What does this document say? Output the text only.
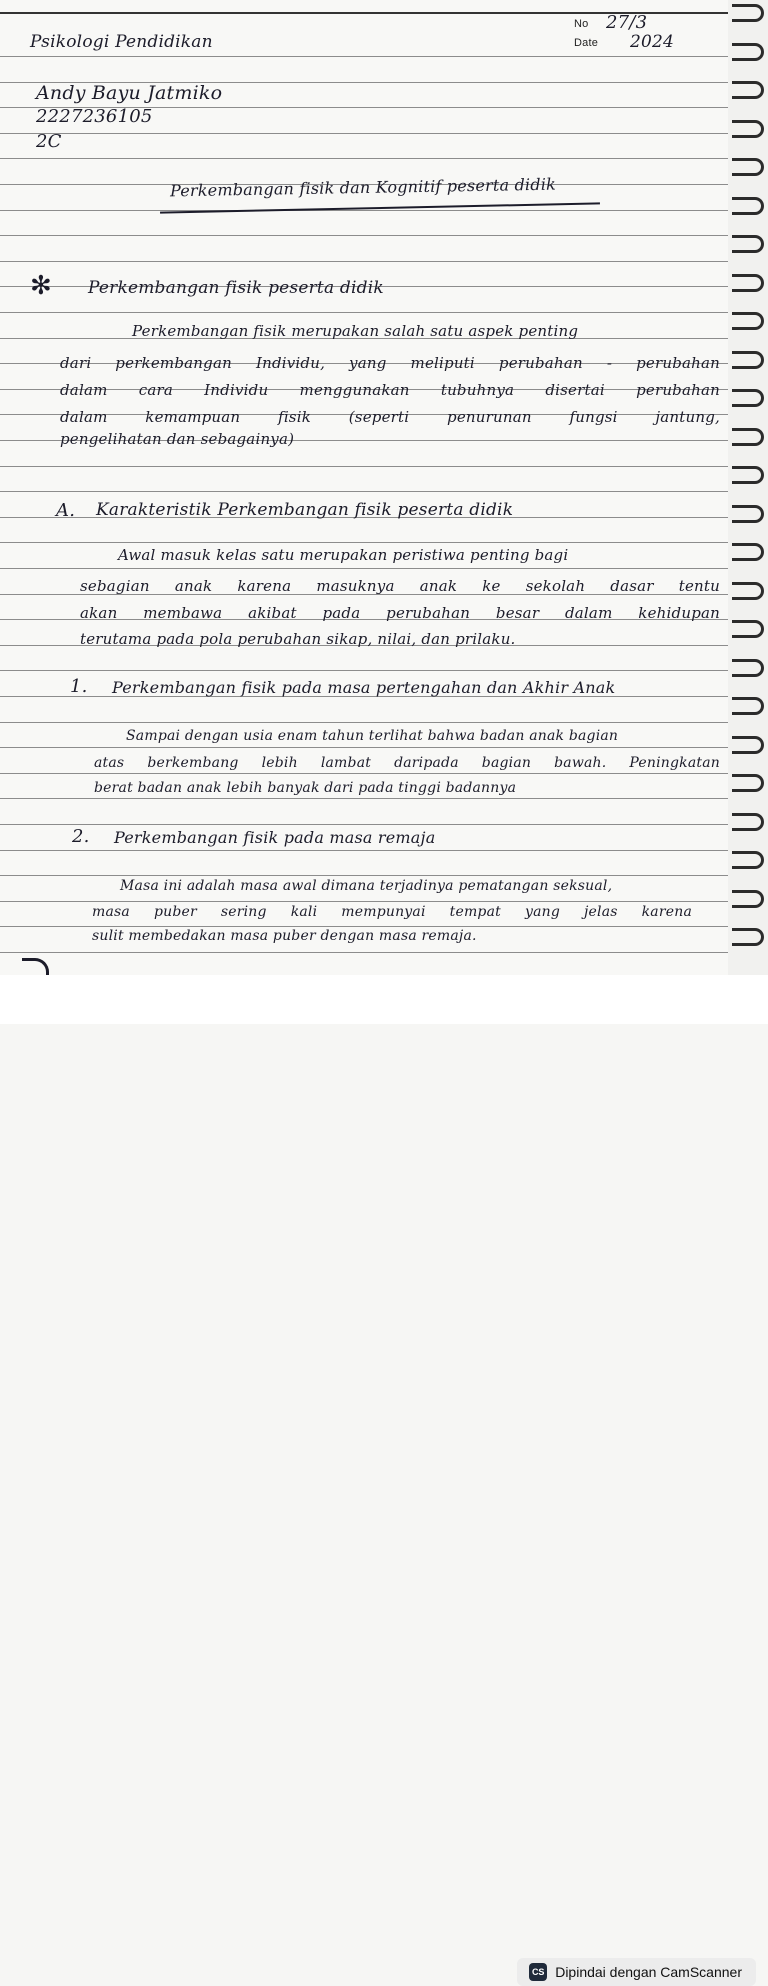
Psikologi Pendidikan
No 27/3
Date 2024
Andy Bayu Jatmiko
2227236105
2C
Perkembangan fisik dan Kognitif peserta didik
✻ Perkembangan fisik peserta didik
Perkembangan fisik merupakan salah satu aspek penting
dari perkembangan Individu, yang meliputi perubahan - perubahan
dalam cara Individu menggunakan tubuhnya disertai perubahan
dalam kemampuan fisik (seperti penurunan fungsi jantung,
pengelihatan dan sebagainya)
A. Karakteristik Perkembangan fisik peserta didik
Awal masuk kelas satu merupakan peristiwa penting bagi
sebagian anak karena masuknya anak ke sekolah dasar tentu
akan membawa akibat pada perubahan besar dalam kehidupan
terutama pada pola perubahan sikap, nilai, dan prilaku.
1. Perkembangan fisik pada masa pertengahan dan Akhir Anak
Sampai dengan usia enam tahun terlihat bahwa badan anak bagian
atas berkembang lebih lambat daripada bagian bawah. Peningkatan
berat badan anak lebih banyak dari pada tinggi badannya
2. Perkembangan fisik pada masa remaja
Masa ini adalah masa awal dimana terjadinya pematangan seksual,
masa puber sering kali mempunyai tempat yang jelas karena
sulit membedakan masa puber dengan masa remaja.
CS Dipindai dengan CamScanner
